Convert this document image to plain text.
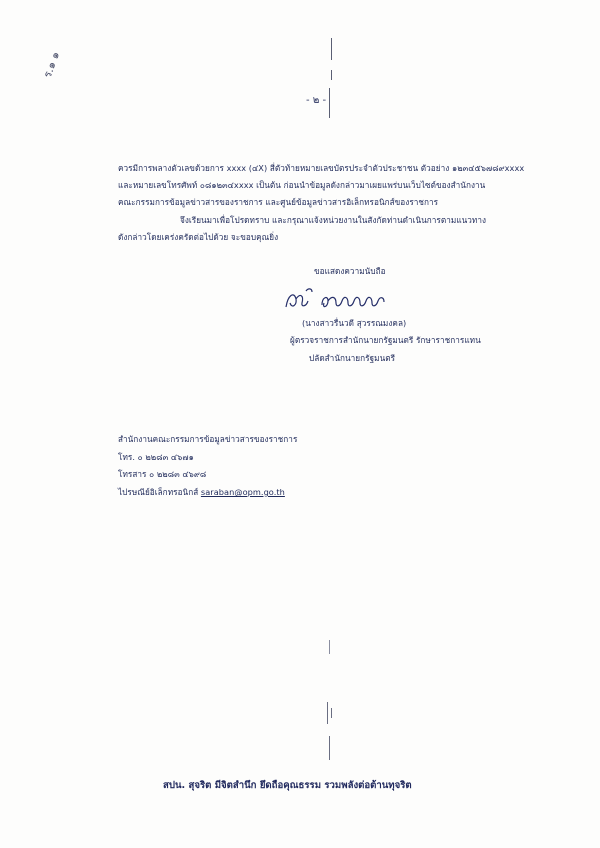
ร.๑ ๑
- ๒ -
ควรมีการพลางตัวเลขด้วยการ xxxx (๔X) สี่ตัวท้ายหมายเลขบัตรประจำตัวประชาชน ตัวอย่าง ๑๒๓๔๕๖๗๘๙xxxx
และหมายเลขโทรศัพท์ ๐๘๑๒๓๔xxxx เป็นต้น ก่อนนำข้อมูลดังกล่าวมาเผยแพร่บนเว็บไซต์ของสำนักงาน
คณะกรรมการข้อมูลข่าวสารของราชการ และศูนย์ข้อมูลข่าวสารอิเล็กทรอนิกส์ของราชการ
จึงเรียนมาเพื่อโปรดทราบ และกรุณาแจ้งหน่วยงานในสังกัดท่านดำเนินการตามแนวทาง
ดังกล่าวโดยเคร่งครัดต่อไปด้วย จะขอบคุณยิ่ง
ขอแสดงความนับถือ
(นางสาวรื่นวดี สุวรรณมงคล)
ผู้ตรวจราชการสำนักนายกรัฐมนตรี รักษาราชการแทน
ปลัดสำนักนายกรัฐมนตรี
สำนักงานคณะกรรมการข้อมูลข่าวสารของราชการ
โทร. ๐ ๒๒๘๓ ๔๖๗๑
โทรสาร ๐ ๒๒๘๓ ๔๖๙๘
ไปรษณีย์อิเล็กทรอนิกส์ saraban@opm.go.th
สปน. สุจริต มีจิตสำนึก ยึดถือคุณธรรม รวมพลังต่อต้านทุจริต
